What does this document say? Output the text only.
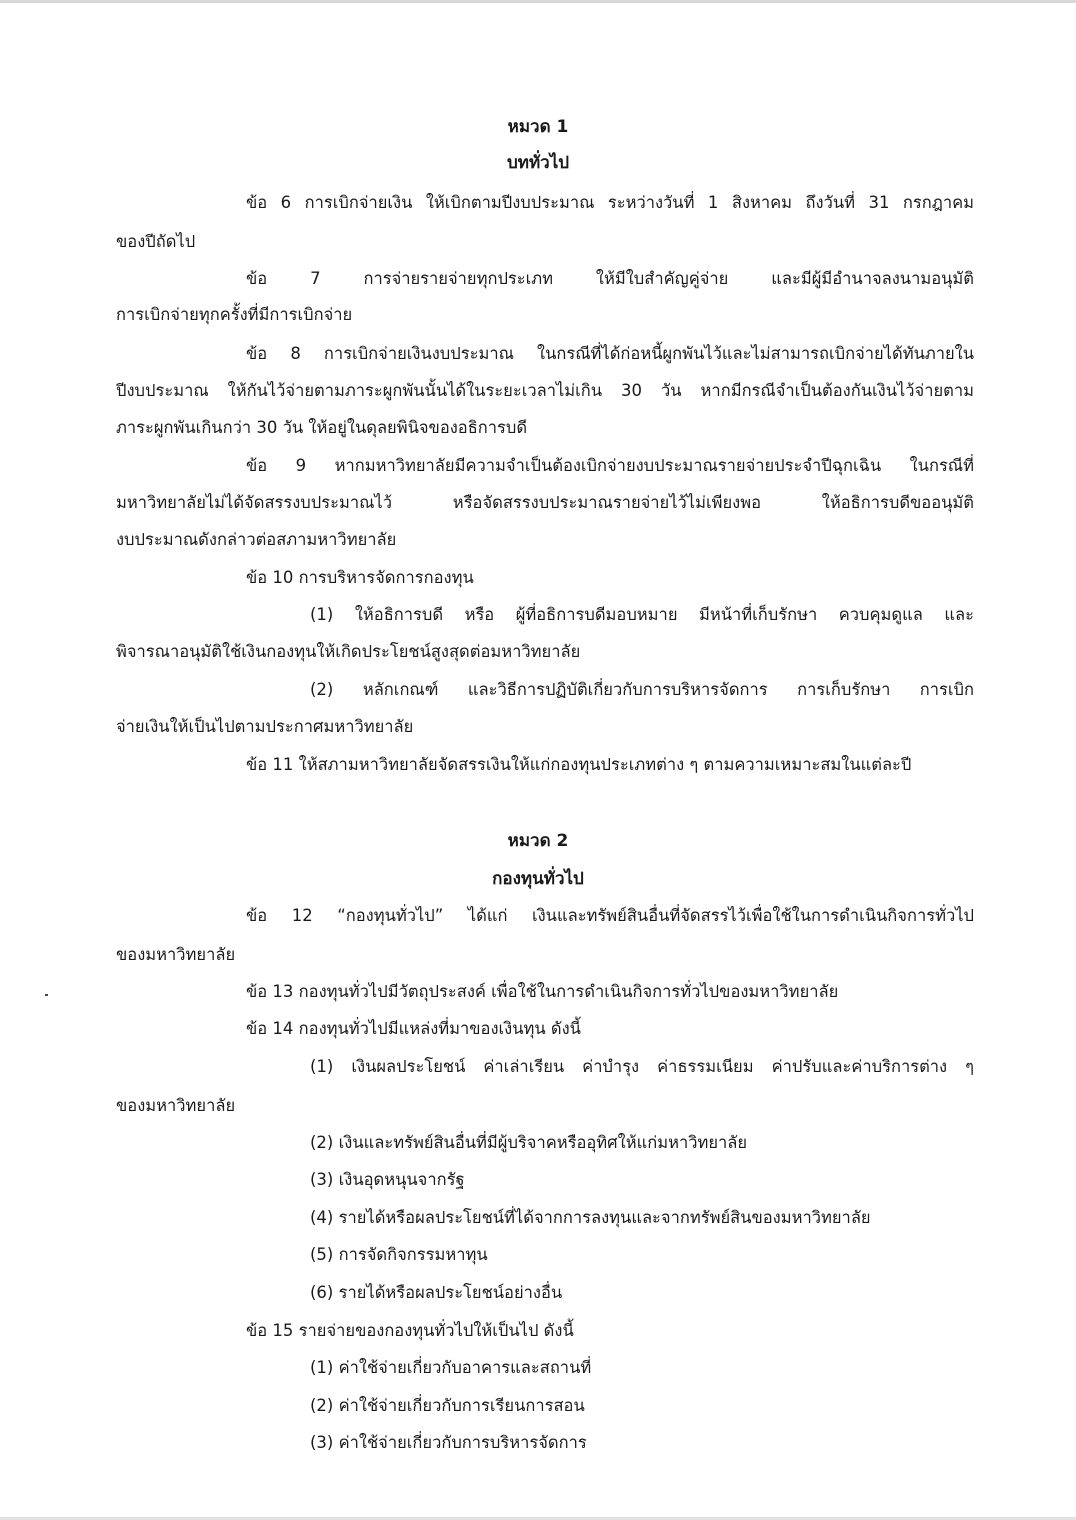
หมวด 1
บททั่วไป
ข้อ 6 การเบิกจ่ายเงิน ให้เบิกตามปีงบประมาณ ระหว่างวันที่ 1 สิงหาคม ถึงวันที่ 31 กรกฎาคม
ของปีถัดไป
ข้อ 7 การจ่ายรายจ่ายทุกประเภท ให้มีใบสำคัญคู่จ่าย และมีผู้มีอำนาจลงนามอนุมัติ
การเบิกจ่ายทุกครั้งที่มีการเบิกจ่าย
ข้อ 8 การเบิกจ่ายเงินงบประมาณ ในกรณีที่ได้ก่อหนี้ผูกพันไว้และไม่สามารถเบิกจ่ายได้ทันภายใน
ปีงบประมาณ ให้กันไว้จ่ายตามภาระผูกพันนั้นได้ในระยะเวลาไม่เกิน 30 วัน หากมีกรณีจำเป็นต้องกันเงินไว้จ่ายตาม
ภาระผูกพันเกินกว่า 30 วัน ให้อยู่ในดุลยพินิจของอธิการบดี
ข้อ 9 หากมหาวิทยาลัยมีความจำเป็นต้องเบิกจ่ายงบประมาณรายจ่ายประจำปีฉุกเฉิน ในกรณีที่
มหาวิทยาลัยไม่ได้จัดสรรงบประมาณไว้ หรือจัดสรรงบประมาณรายจ่ายไว้ไม่เพียงพอ ให้อธิการบดีขออนุมัติ
งบประมาณดังกล่าวต่อสภามหาวิทยาลัย
ข้อ 10 การบริหารจัดการกองทุน
(1) ให้อธิการบดี หรือ ผู้ที่อธิการบดีมอบหมาย มีหน้าที่เก็บรักษา ควบคุมดูแล และ
พิจารณาอนุมัติใช้เงินกองทุนให้เกิดประโยชน์สูงสุดต่อมหาวิทยาลัย
(2) หลักเกณฑ์ และวิธีการปฏิบัติเกี่ยวกับการบริหารจัดการ การเก็บรักษา การเบิก
จ่ายเงินให้เป็นไปตามประกาศมหาวิทยาลัย
ข้อ 11 ให้สภามหาวิทยาลัยจัดสรรเงินให้แก่กองทุนประเภทต่าง ๆ ตามความเหมาะสมในแต่ละปี
หมวด 2
กองทุนทั่วไป
ข้อ 12 “กองทุนทั่วไป” ได้แก่ เงินและทรัพย์สินอื่นที่จัดสรรไว้เพื่อใช้ในการดำเนินกิจการทั่วไป
ของมหาวิทยาลัย
ข้อ 13 กองทุนทั่วไปมีวัตถุประสงค์ เพื่อใช้ในการดำเนินกิจการทั่วไปของมหาวิทยาลัย
ข้อ 14 กองทุนทั่วไปมีแหล่งที่มาของเงินทุน ดังนี้
(1) เงินผลประโยชน์ ค่าเล่าเรียน ค่าบำรุง ค่าธรรมเนียม ค่าปรับและค่าบริการต่าง ๆ
ของมหาวิทยาลัย
(2) เงินและทรัพย์สินอื่นที่มีผู้บริจาคหรืออุทิศให้แก่มหาวิทยาลัย
(3) เงินอุดหนุนจากรัฐ
(4) รายได้หรือผลประโยชน์ที่ได้จากการลงทุนและจากทรัพย์สินของมหาวิทยาลัย
(5) การจัดกิจกรรมหาทุน
(6) รายได้หรือผลประโยชน์อย่างอื่น
ข้อ 15 รายจ่ายของกองทุนทั่วไปให้เป็นไป ดังนี้
(1) ค่าใช้จ่ายเกี่ยวกับอาคารและสถานที่
(2) ค่าใช้จ่ายเกี่ยวกับการเรียนการสอน
(3) ค่าใช้จ่ายเกี่ยวกับการบริหารจัดการ
